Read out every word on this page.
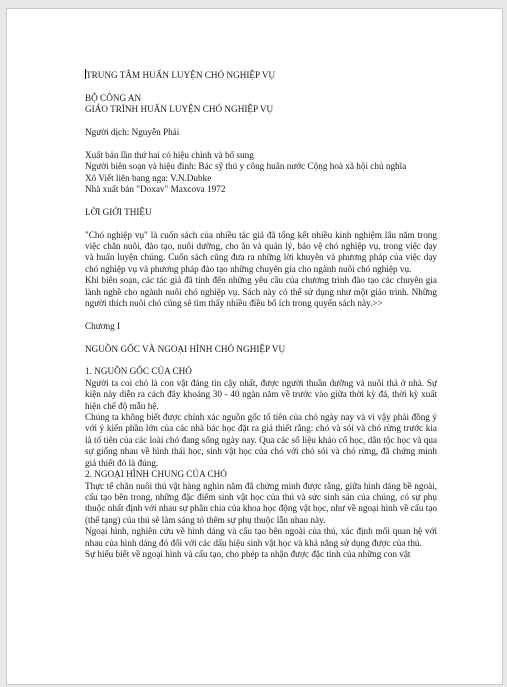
TRUNG TÂM HUẤN LUYỆN CHÓ NGHIỆP VỤ

BỘ CÔNG AN

GIÁO TRÌNH HUẤN LUYỆN CHÓ NGHIỆP VỤ

Người dịch: Nguyễn Phải

Xuất bản lần thứ hai có hiệu chỉnh và bổ sung

Người biên soạn và hiệu đính: Bác sỹ thú y công huân nước Cộng hoà xã hội chủ nghĩa

Xô Viết liên bang nga: V.N.Dubke

Nhà xuất bản "Doxav" Maxcova 1972

LỜI GIỚI THIỆU

"Chó nghiệp vụ" là cuốn sách của nhiều tác giả đã tổng kết nhiều kinh nghiệm lâu năm trong việc chăn nuôi, đào tạo, nuôi dưỡng, cho ăn và quản lý, bảo vệ chó nghiệp vụ, trong việc dạy và huấn luyện chúng. Cuốn sách cũng đưa ra những lời khuyên và phương pháp của việc dạy chó nghiệp vụ và phương pháp đào tạo những chuyên gia cho ngành nuôi chó nghiệp vụ.

Khi biên soạn, các tác giả đã tính đến những yêu cầu của chương trình đào tạo các chuyên gia lành nghề cho ngành nuôi chó nghiệp vụ. Sách này có thể sử dụng như một giáo trình. Những người thích nuôi chó cũng sẽ tìm thấy nhiều điều bổ ích trong quyển sách này.>>

Chương I

NGUỒN GỐC VÀ NGOẠI HÌNH CHÓ NGHIỆP VỤ

1. NGUỒN GỐC CỦA CHÓ

Người ta coi chó là con vật đáng tin cậy nhất, được người thuần dưỡng và nuôi thả ở nhà. Sự kiện này diễn ra cách đây khoảng 30 - 40 ngàn năm về trước vào giữa thời kỳ đá, thời kỳ xuất hiện chế độ mẫu hệ.

Chúng ta không biết được chính xác nguồn gốc tổ tiên của chó ngày nay và vì vậy phải đồng ý với ý kiến phần lớn của các nhà bác học đặt ra giả thiết rằng: chó và sói và chó rừng trước kia là tổ tiên của các loài chó đang sống ngày nay. Qua các số liệu khảo cổ học, dân tộc học và qua sự giống nhau về hình thái học, sinh vật học của chó với chó sói và chó rừng, đã chứng minh giả thiết đó là đúng.

2. NGOẠI HÌNH CHUNG CỦA CHÓ

Thực tế chăn nuôi thú vật hàng nghìn năm đã chứng minh được rằng, giữa hình dáng bề ngoài, cấu tạo bên trong, những đặc điểm sinh vật học của thú và sức sinh sản của chúng, có sự phụ thuộc nhất định với nhau sự phân chia của khoa học động vật học, như về ngoại hình về cấu tạo (thể tạng) của thú sẽ làm sáng tỏ thêm sự phụ thuộc lẫn nhau này.

Ngoại hình, nghiên cứu về hình dáng và cấu tạo bên ngoài của thú, xác định mối quan hệ với nhau của hình dáng đó đối với các dấu hiệu sinh vật học và khả năng sử dụng được của thú.

Sự hiểu biết về ngoại hình và cấu tạo, cho phép ta nhận được đặc tính của những con vật
